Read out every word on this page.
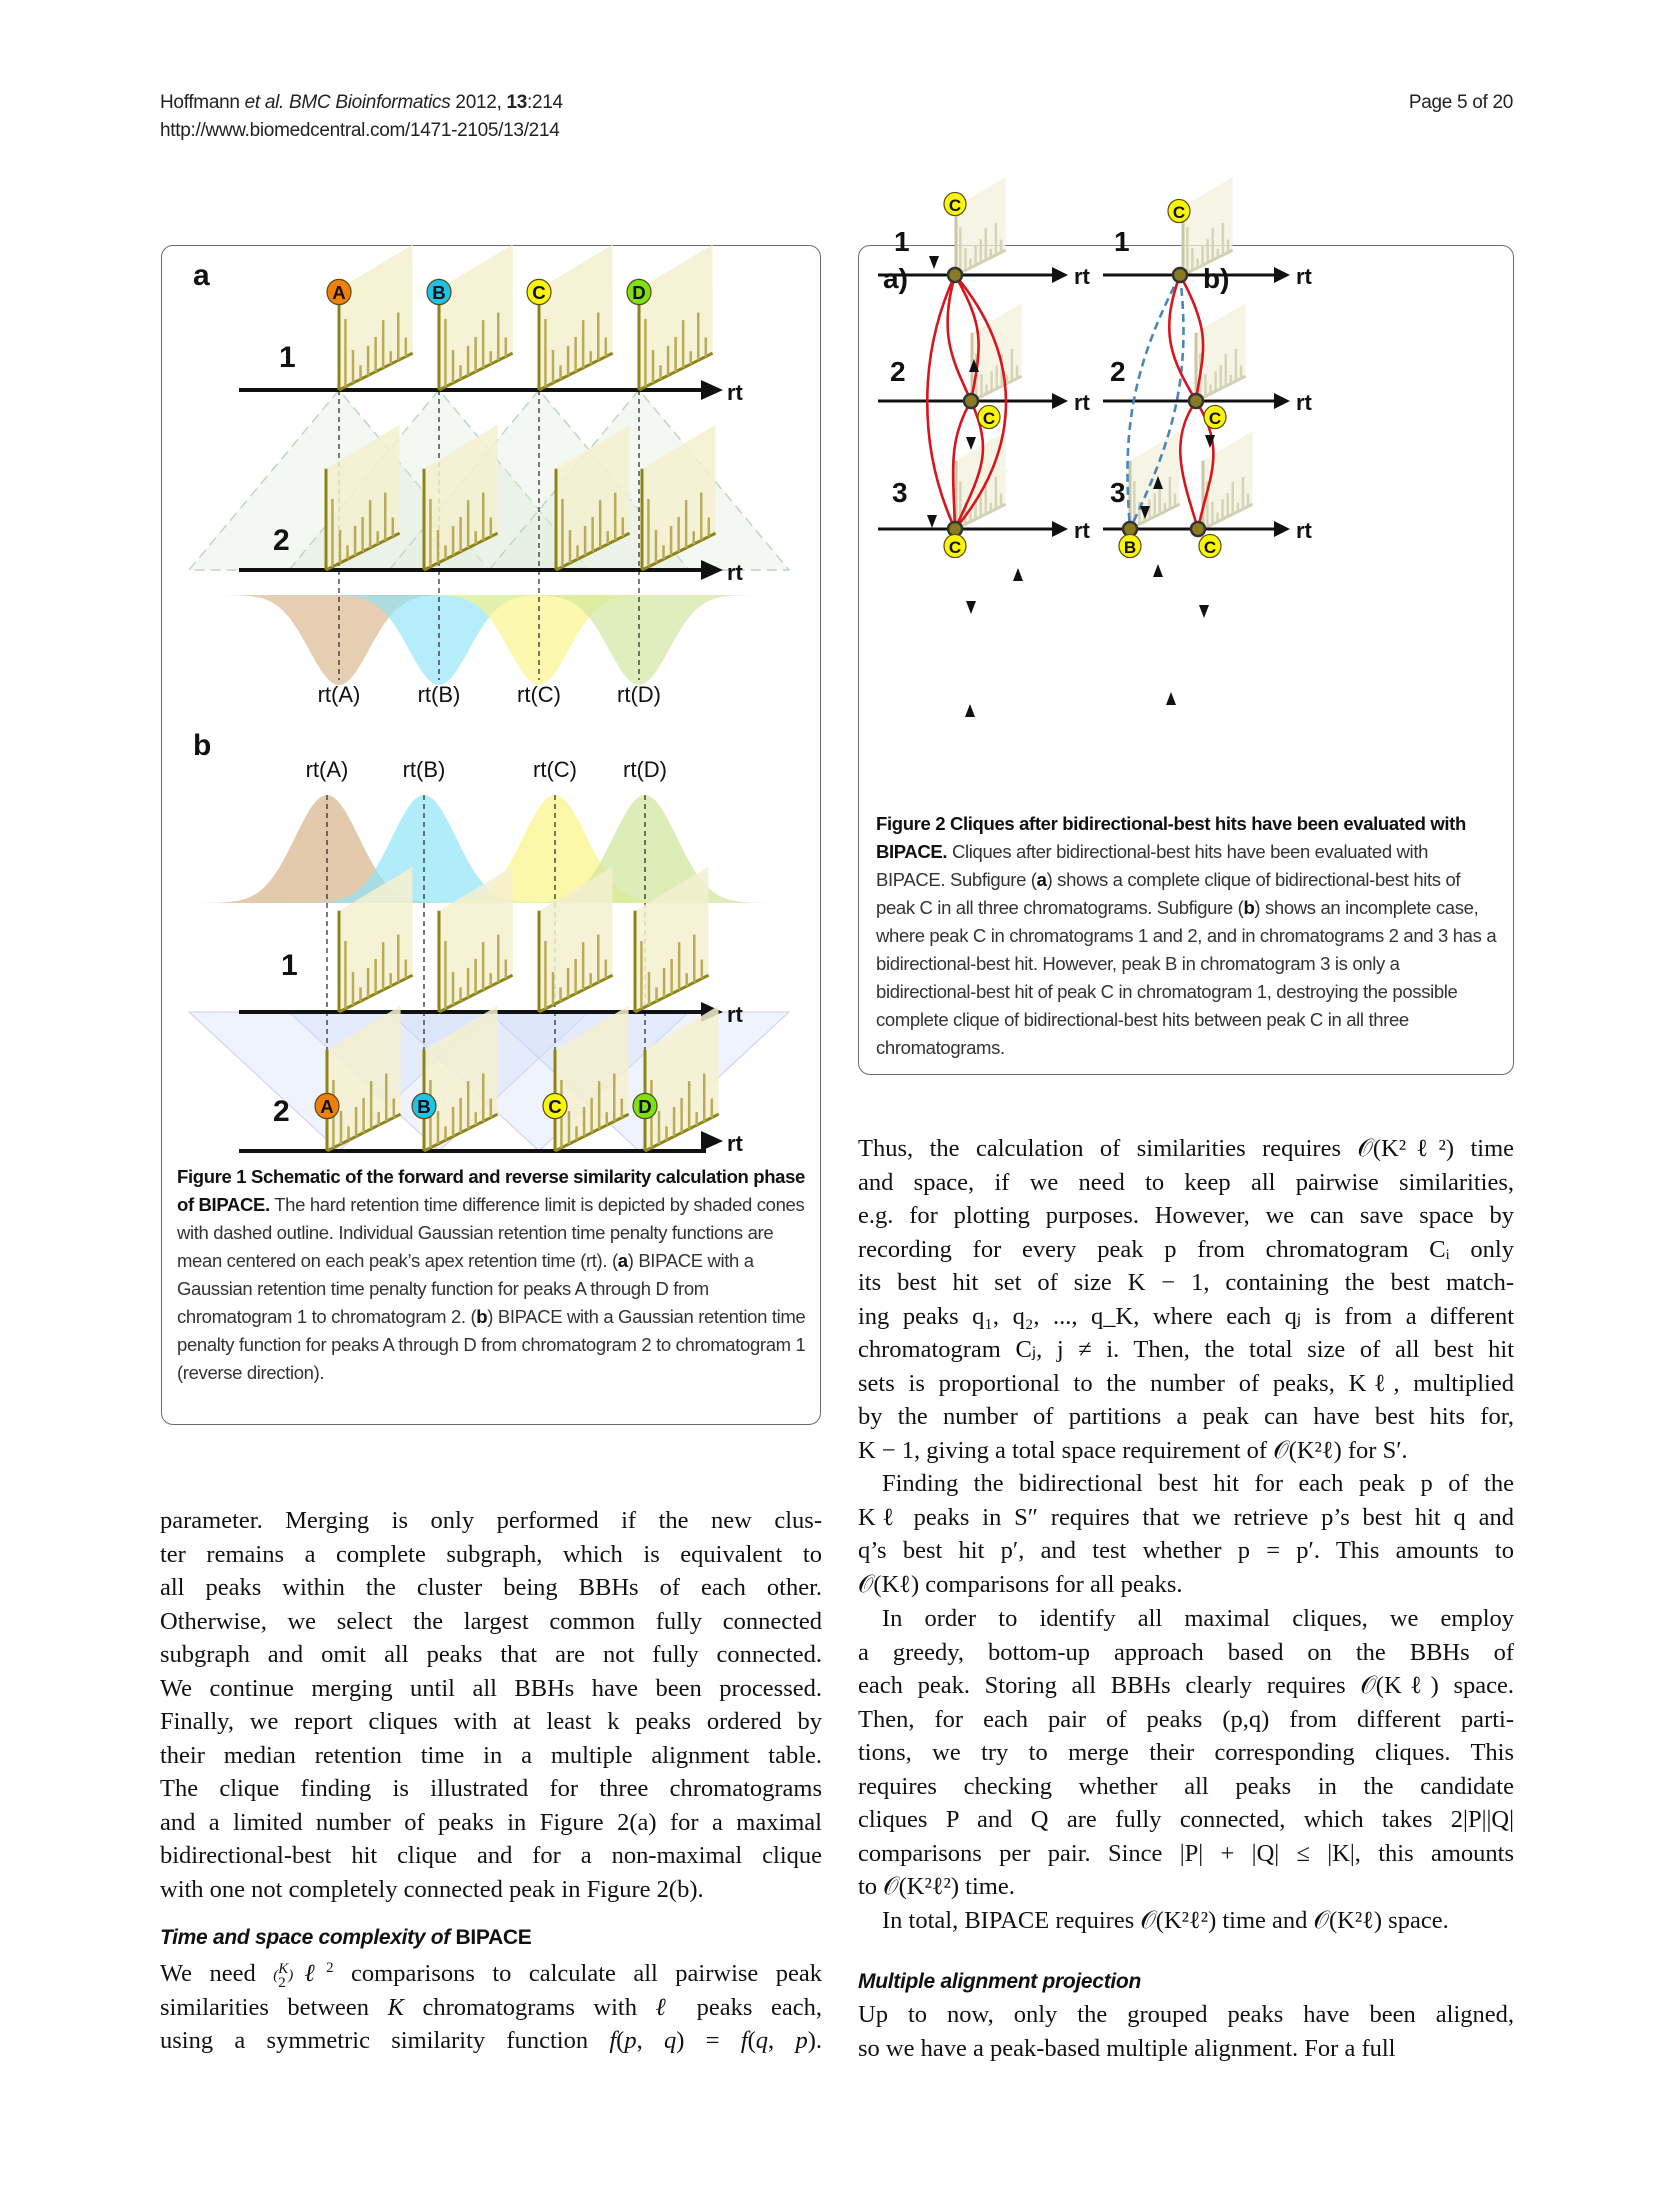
Hoffmann et al. BMC Bioinformatics 2012, 13:214
http://www.biomedcentral.com/1471-2105/13/214
Page 5 of 20
a
rt
rt
1
2
A	B	C	D
rt(A)	rt(B)	rt(C)	rt(D)
b
rt(A) rt(B)	rt(C) rt(D)
rt
rt
1
2 A	B	C	D
Figure 1 Schematic of the forward and reverse similarity calculation phase of BIPACE. The hard retention time difference limit is depicted by shaded cones with dashed outline. Individual Gaussian retention time penalty functions are mean centered on each peak’s apex retention time (rt). (a) BIPACE with a Gaussian retention time penalty function for peaks A through D from chromatogram 1 to chromatogram 2. (b) BIPACE with a Gaussian retention time penalty function for peaks A through D from chromatogram 2 to chromatogram 1 (reverse direction).
a)	b)
rt
rt
rt
1
2
3
C
C
C
rt
rt
rt
1
2
3
C
C
B	C
Figure 2 Cliques after bidirectional-best hits have been evaluated with BIPACE. Cliques after bidirectional-best hits have been evaluated with BIPACE. Subfigure (a) shows a complete clique of bidirectional-best hits of peak C in all three chromatograms. Subfigure (b) shows an incomplete case, where peak C in chromatograms 1 and 2, and in chromatograms 2 and 3 has a bidirectional-best hit. However, peak B in chromatogram 3 is only a bidirectional-best hit of peak C in chromatogram 1, destroying the possible complete clique of bidirectional-best hits between peak C in all three chromatograms.
parameter. Merging is only performed if the new clus-
ter remains a complete subgraph, which is equivalent to
all peaks within the cluster being BBHs of each other.
Otherwise, we select the largest common fully connected
subgraph and omit all peaks that are not fully connected.
We continue merging until all BBHs have been processed.
Finally, we report cliques with at least k peaks ordered by
their median retention time in a multiple alignment table.
The clique finding is illustrated for three chromatograms
and a limited number of peaks in Figure 2(a) for a maximal
bidirectional-best hit clique and for a non-maximal clique
with one not completely connected peak in Figure 2(b).
Time and space complexity of BIPACE
We need (K
2 )ℓ$^2$ comparisons to calculate all pairwise peak
similarities between K chromatograms with ℓ peaks each,
using a symmetric similarity function f(p, q) = f(q, p).
Thus, the calculation of similarities requires 𝒪(K²ℓ²) time
and space, if we need to keep all pairwise similarities,
e.g. for plotting purposes. However, we can save space by
recording for every peak p from chromatogram Cᵢ only
its best hit set of size K − 1, containing the best match-
ing peaks q₁, q₂, ..., q_K, where each qⱼ is from a different
chromatogram Cⱼ, j ≠ i. Then, the total size of all best hit
sets is proportional to the number of peaks, Kℓ, multiplied
by the number of partitions a peak can have best hits for,
K − 1, giving a total space requirement of 𝒪(K²ℓ) for S′.
Finding the bidirectional best hit for each peak p of the
Kℓ peaks in S″ requires that we retrieve p’s best hit q and
q’s best hit p′, and test whether p = p′. This amounts to
𝒪(Kℓ) comparisons for all peaks.
In order to identify all maximal cliques, we employ
a greedy, bottom-up approach based on the BBHs of
each peak. Storing all BBHs clearly requires 𝒪(Kℓ) space.
Then, for each pair of peaks (p,q) from different parti-
tions, we try to merge their corresponding cliques. This
requires checking whether all peaks in the candidate
cliques P and Q are fully connected, which takes 2|P||Q|
comparisons per pair. Since |P| + |Q| ≤ |K|, this amounts
to 𝒪(K²ℓ²) time.
In total, BIPACE requires 𝒪(K²ℓ²) time and 𝒪(K²ℓ) space.
Multiple alignment projection
Up to now, only the grouped peaks have been aligned,
so we have a peak-based multiple alignment. For a full
